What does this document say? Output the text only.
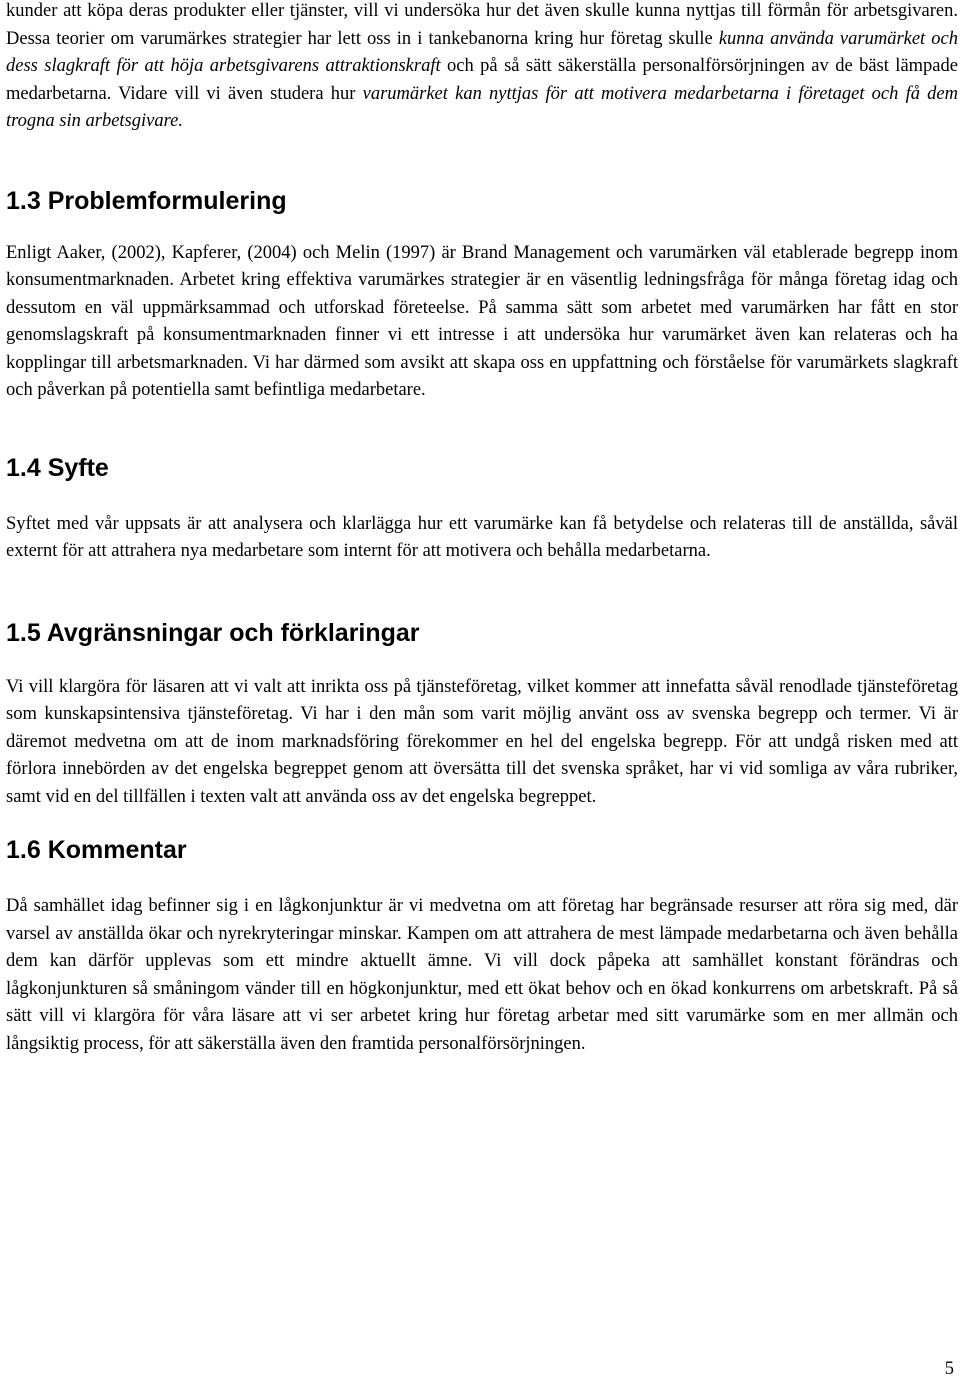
kunder att köpa deras produkter eller tjänster, vill vi undersöka hur det även skulle kunna nyttjas till förmån för arbetsgivaren. Dessa teorier om varumärkes strategier har lett oss in i tankebanorna kring hur företag skulle kunna använda varumärket och dess slagkraft för att höja arbetsgivarens attraktionskraft och på så sätt säkerställa personalförsörjningen av de bäst lämpade medarbetarna. Vidare vill vi även studera hur varumärket kan nyttjas för att motivera medarbetarna i företaget och få dem trogna sin arbetsgivare.

1.3 Problemformulering

Enligt Aaker, (2002), Kapferer, (2004) och Melin (1997) är Brand Management och varumärken väl etablerade begrepp inom konsumentmarknaden. Arbetet kring effektiva varumärkes strategier är en väsentlig ledningsfråga för många företag idag och dessutom en väl uppmärksammad och utforskad företeelse. På samma sätt som arbetet med varumärken har fått en stor genomslagskraft på konsumentmarknaden finner vi ett intresse i att undersöka hur varumärket även kan relateras och ha kopplingar till arbetsmarknaden. Vi har därmed som avsikt att skapa oss en uppfattning och förståelse för varumärkets slagkraft och påverkan på potentiella samt befintliga medarbetare.

1.4 Syfte

Syftet med vår uppsats är att analysera och klarlägga hur ett varumärke kan få betydelse och relateras till de anställda, såväl externt för att attrahera nya medarbetare som internt för att motivera och behålla medarbetarna.

1.5 Avgränsningar och förklaringar

Vi vill klargöra för läsaren att vi valt att inrikta oss på tjänsteföretag, vilket kommer att innefatta såväl renodlade tjänsteföretag som kunskapsintensiva tjänsteföretag. Vi har i den mån som varit möjlig använt oss av svenska begrepp och termer. Vi är däremot medvetna om att de inom marknadsföring förekommer en hel del engelska begrepp. För att undgå risken med att förlora innebörden av det engelska begreppet genom att översätta till det svenska språket, har vi vid somliga av våra rubriker, samt vid en del tillfällen i texten valt att använda oss av det engelska begreppet.

1.6 Kommentar

Då samhället idag befinner sig i en lågkonjunktur är vi medvetna om att företag har begränsade resurser att röra sig med, där varsel av anställda ökar och nyrekryteringar minskar. Kampen om att attrahera de mest lämpade medarbetarna och även behålla dem kan därför upplevas som ett mindre aktuellt ämne. Vi vill dock påpeka att samhället konstant förändras och lågkonjunkturen så småningom vänder till en högkonjunktur, med ett ökat behov och en ökad konkurrens om arbetskraft. På så sätt vill vi klargöra för våra läsare att vi ser arbetet kring hur företag arbetar med sitt varumärke som en mer allmän och långsiktig process, för att säkerställa även den framtida personalförsörjningen.

5
